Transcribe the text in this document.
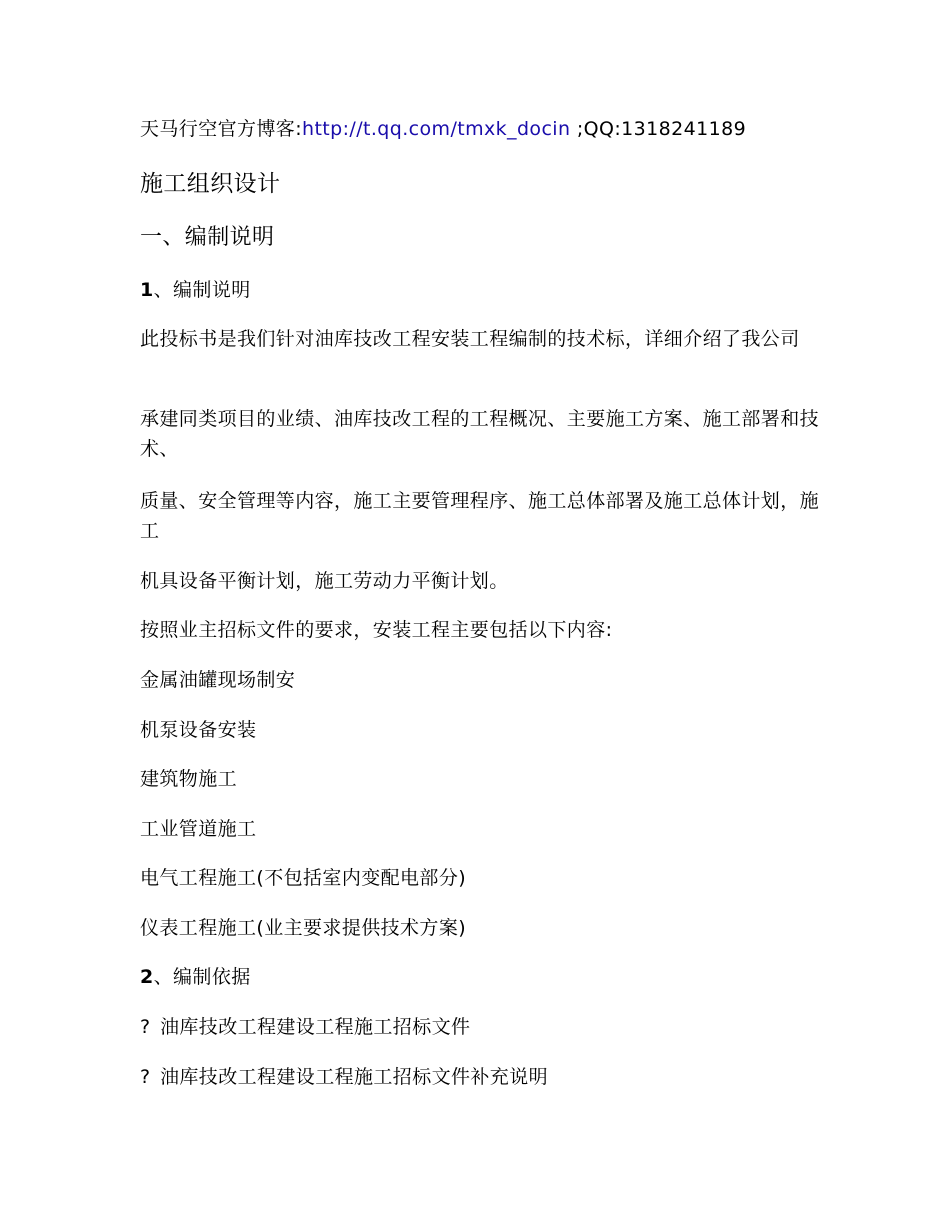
天马行空官方博客:http://t.qq.com/tmxk_docin ;QQ:1318241189
施工组织设计
一、编制说明
1、编制说明
此投标书是我们针对油库技改工程安装工程编制的技术标，详细介绍了我公司
承建同类项目的业绩、油库技改工程的工程概况、主要施工方案、施工部署和技术、
质量、安全管理等内容，施工主要管理程序、施工总体部署及施工总体计划，施工
机具设备平衡计划，施工劳动力平衡计划。
按照业主招标文件的要求，安装工程主要包括以下内容:
金属油罐现场制安
机泵设备安装
建筑物施工
工业管道施工
电气工程施工(不包括室内变配电部分)
仪表工程施工(业主要求提供技术方案)
2、编制依据
? 油库技改工程建设工程施工招标文件
? 油库技改工程建设工程施工招标文件补充说明
